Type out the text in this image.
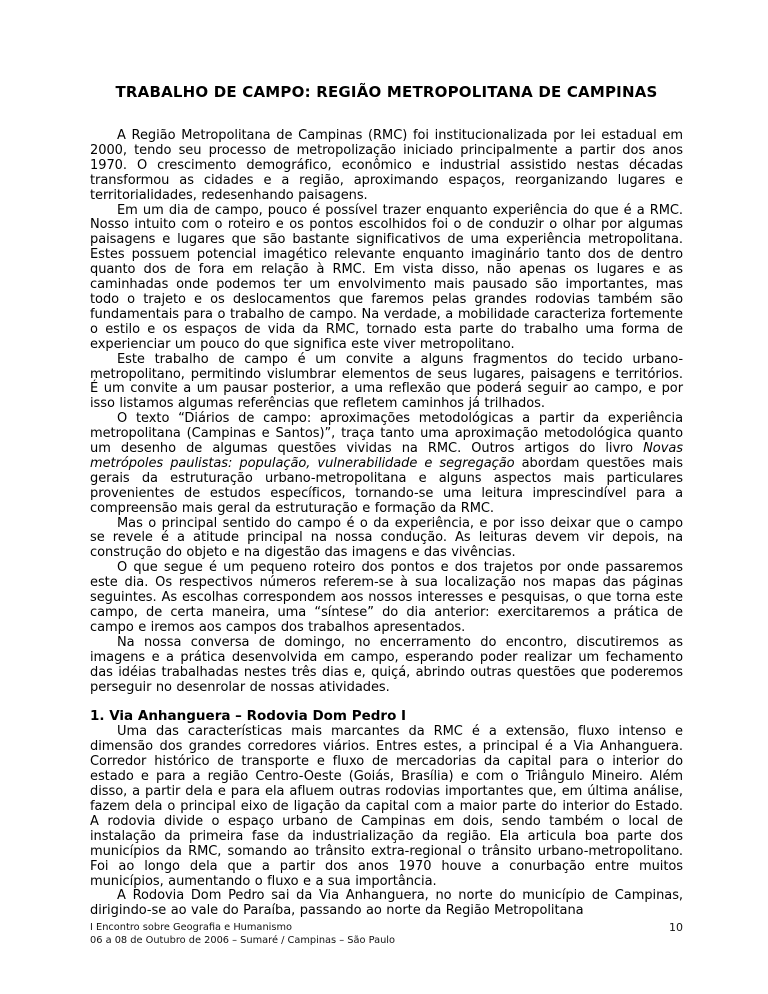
TRABALHO DE CAMPO: REGIÃO METROPOLITANA DE CAMPINAS

A Região Metropolitana de Campinas (RMC) foi institucionalizada por lei estadual em 2000, tendo seu processo de metropolização iniciado principalmente a partir dos anos 1970. O crescimento demográfico, econômico e industrial assistido nestas décadas transformou as cidades e a região, aproximando espaços, reorganizando lugares e territorialidades, redesenhando paisagens.

Em um dia de campo, pouco é possível trazer enquanto experiência do que é a RMC. Nosso intuito com o roteiro e os pontos escolhidos foi o de conduzir o olhar por algumas paisagens e lugares que são bastante significativos de uma experiência metropolitana. Estes possuem potencial imagético relevante enquanto imaginário tanto dos de dentro quanto dos de fora em relação à RMC. Em vista disso, não apenas os lugares e as caminhadas onde podemos ter um envolvimento mais pausado são importantes, mas todo o trajeto e os deslocamentos que faremos pelas grandes rodovias também são fundamentais para o trabalho de campo. Na verdade, a mobilidade caracteriza fortemente o estilo e os espaços de vida da RMC, tornado esta parte do trabalho uma forma de experienciar um pouco do que significa este viver metropolitano.

Este trabalho de campo é um convite a alguns fragmentos do tecido urbano-metropolitano, permitindo vislumbrar elementos de seus lugares, paisagens e territórios. É um convite a um pausar posterior, a uma reflexão que poderá seguir ao campo, e por isso listamos algumas referências que refletem caminhos já trilhados.

O texto “Diários de campo: aproximações metodológicas a partir da experiência metropolitana (Campinas e Santos)”, traça tanto uma aproximação metodológica quanto um desenho de algumas questões vividas na RMC. Outros artigos do livro Novas metrópoles paulistas: população, vulnerabilidade e segregação abordam questões mais gerais da estruturação urbano-metropolitana e alguns aspectos mais particulares provenientes de estudos específicos, tornando-se uma leitura imprescindível para a compreensão mais geral da estruturação e formação da RMC.

Mas o principal sentido do campo é o da experiência, e por isso deixar que o campo se revele é a atitude principal na nossa condução. As leituras devem vir depois, na construção do objeto e na digestão das imagens e das vivências.

O que segue é um pequeno roteiro dos pontos e dos trajetos por onde passaremos este dia. Os respectivos números referem-se à sua localização nos mapas das páginas seguintes. As escolhas correspondem aos nossos interesses e pesquisas, o que torna este campo, de certa maneira, uma “síntese” do dia anterior: exercitaremos a prática de campo e iremos aos campos dos trabalhos apresentados.

Na nossa conversa de domingo, no encerramento do encontro, discutiremos as imagens e a prática desenvolvida em campo, esperando poder realizar um fechamento das idéias trabalhadas nestes três dias e, quiçá, abrindo outras questões que poderemos perseguir no desenrolar de nossas atividades.

1. Via Anhanguera – Rodovia Dom Pedro I

Uma das características mais marcantes da RMC é a extensão, fluxo intenso e dimensão dos grandes corredores viários. Entres estes, a principal é a Via Anhanguera. Corredor histórico de transporte e fluxo de mercadorias da capital para o interior do estado e para a região Centro-Oeste (Goiás, Brasília) e com o Triângulo Mineiro. Além disso, a partir dela e para ela afluem outras rodovias importantes que, em última análise, fazem dela o principal eixo de ligação da capital com a maior parte do interior do Estado. A rodovia divide o espaço urbano de Campinas em dois, sendo também o local de instalação da primeira fase da industrialização da região. Ela articula boa parte dos municípios da RMC, somando ao trânsito extra-regional o trânsito urbano-metropolitano. Foi ao longo dela que a partir dos anos 1970 houve a conurbação entre muitos municípios, aumentando o fluxo e a sua importância.

A Rodovia Dom Pedro sai da Via Anhanguera, no norte do município de Campinas, dirigindo-se ao vale do Paraíba, passando ao norte da Região Metropolitana

I Encontro sobre Geografia e Humanismo
06 a 08 de Outubro de 2006 – Sumaré / Campinas – São Paulo
10
